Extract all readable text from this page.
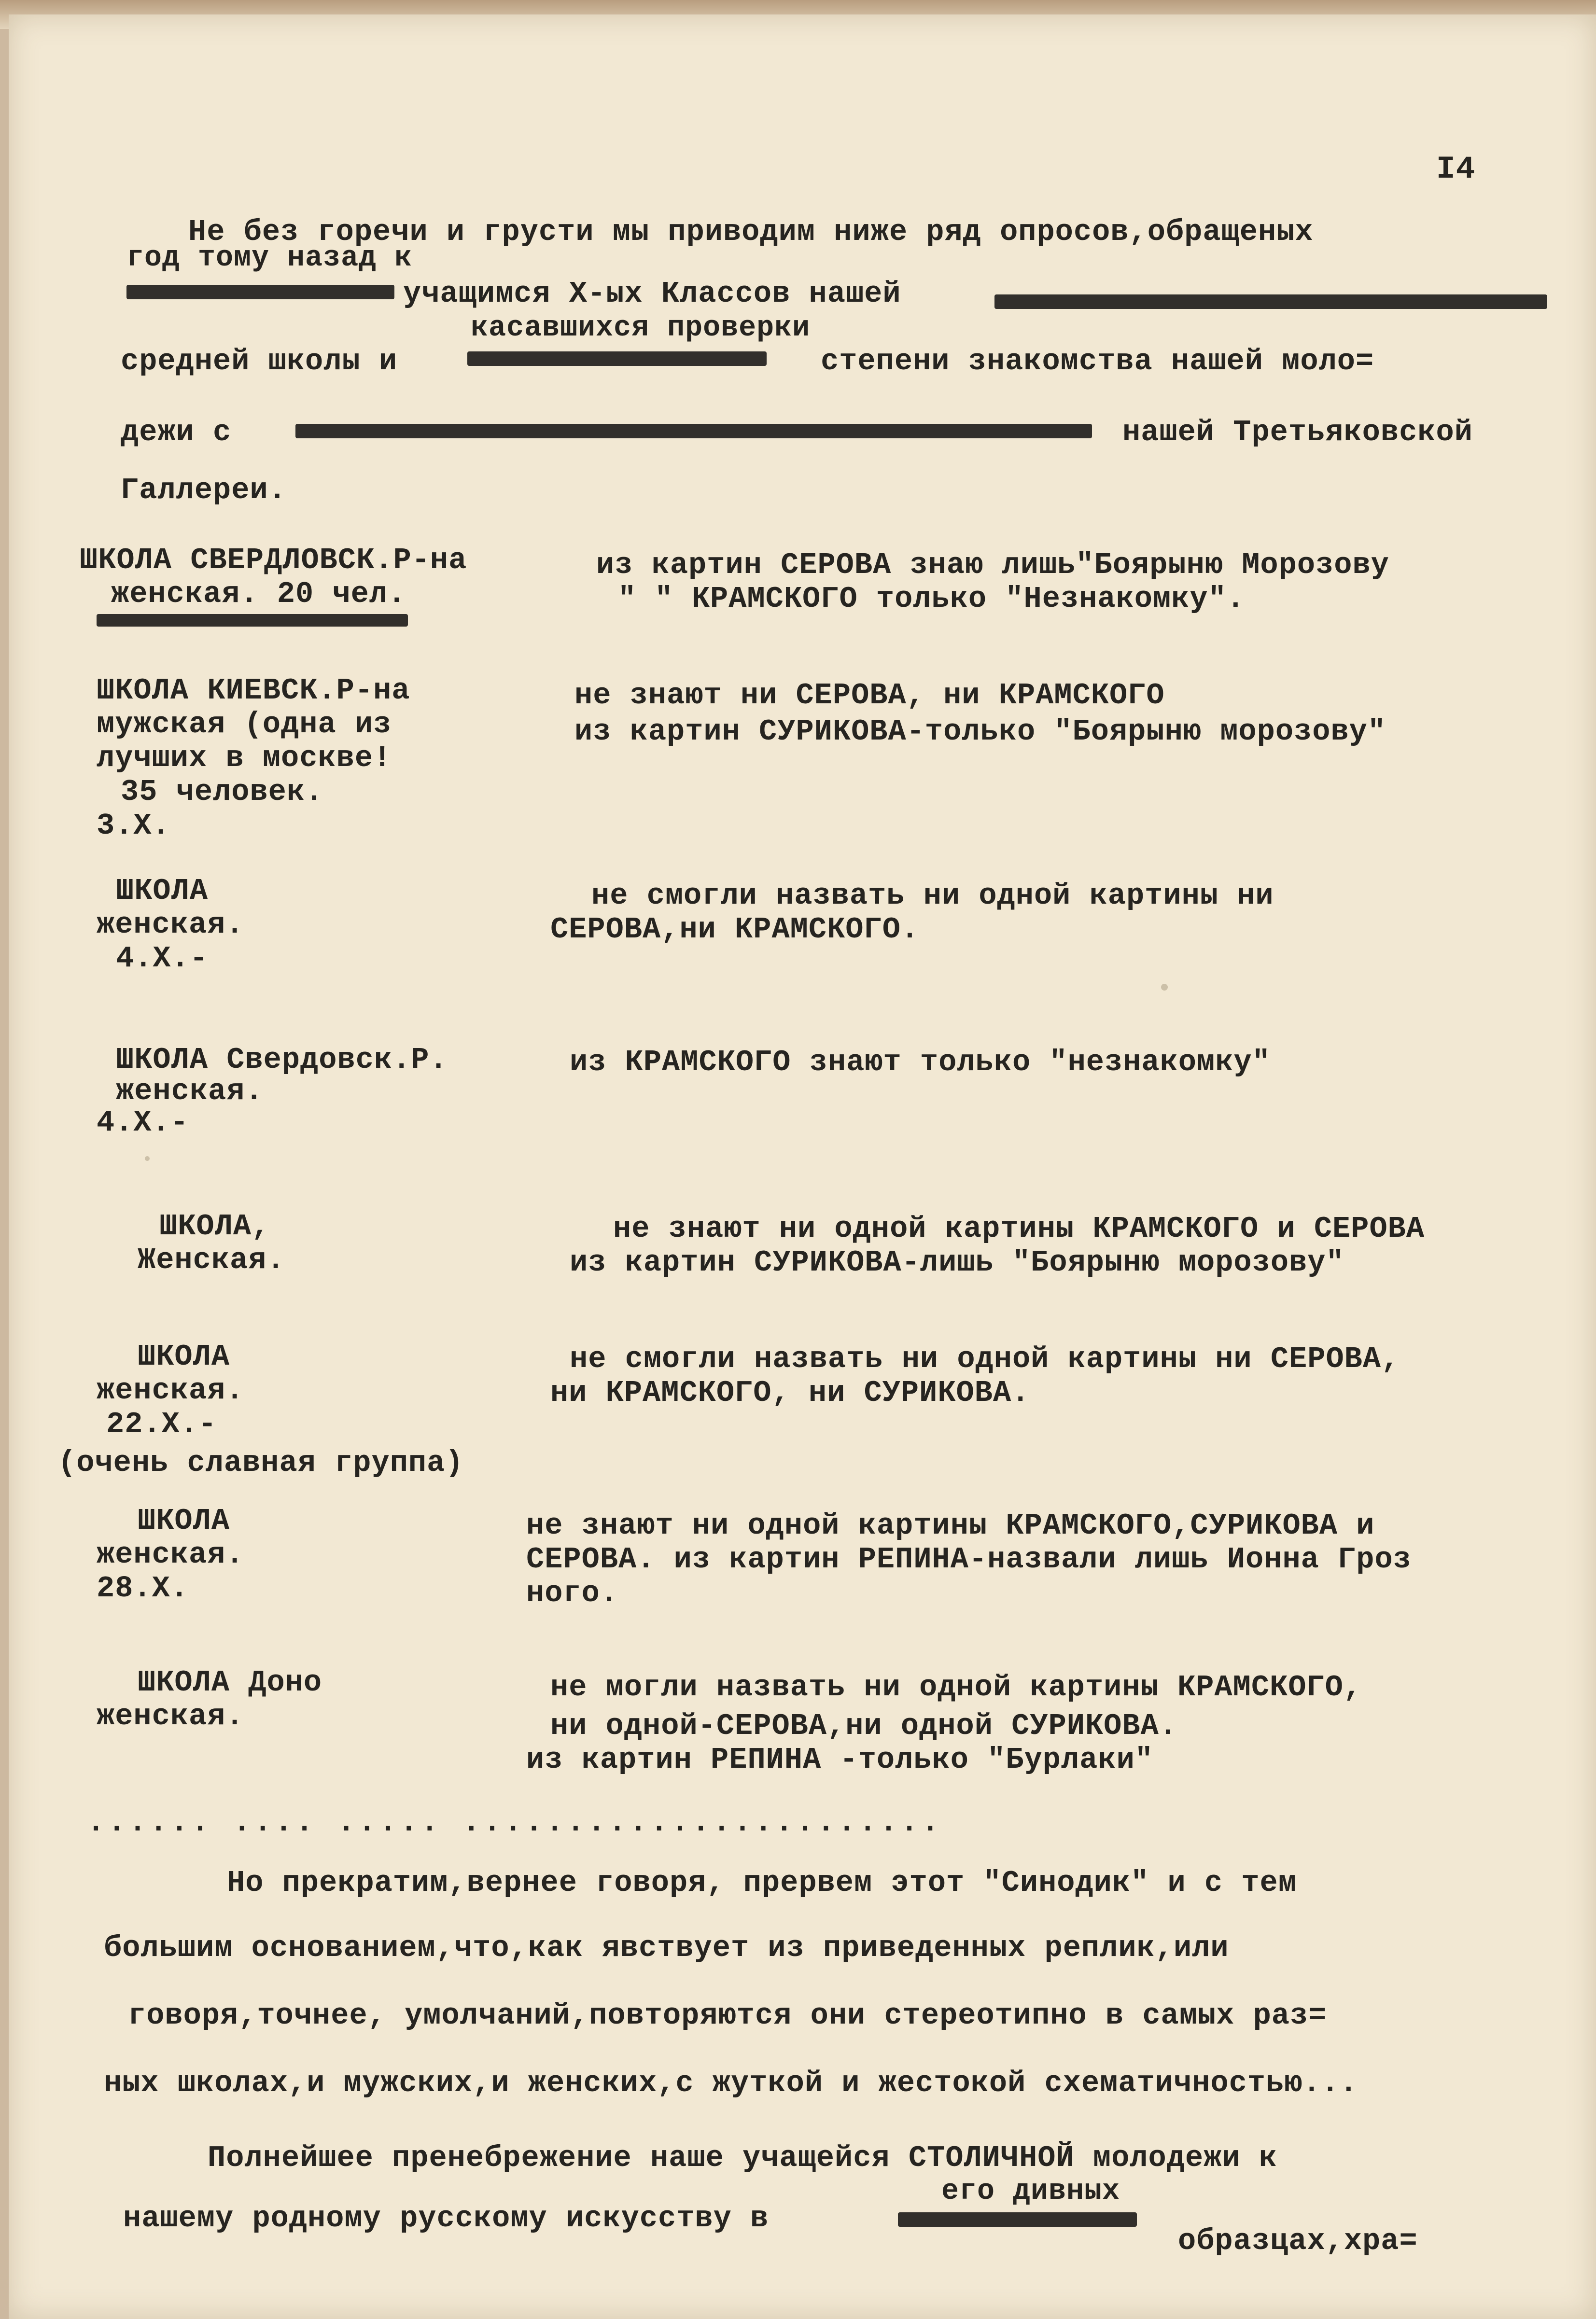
I4
Не без горечи и грусти мы приводим ниже ряд опросов,обращеных
год тому назад к
учащимся X-ых Классов нашей
касавшихся проверки
средней школы и	степени знакомства нашей моло=
дежи с	нашей Третьяковской
Галлереи.
ШКОЛА СВЕРДЛОВСК.Р-на
женская. 20 чел.
из картин СЕРОВА знаю лишь"Боярыню Морозову
" " КРАМСКОГО только "Незнакомку".
ШКОЛА КИЕВСК.Р-на
мужская (одна из
лучших в москве!
35 человек.
3.X.
не знают ни СЕРОВА, ни КРАМСКОГО
из картин СУРИКОВА-только "Боярыню морозову"
ШКОЛА
женская.
4.X.-
не смогли назвать ни одной картины ни
СЕРОВА,ни КРАМСКОГО.
ШКОЛА Свердовск.Р.
женская.
4.X.-
из КРАМСКОГО знают только "незнакомку"
ШКОЛА,
Женская.
не знают ни одной картины КРАМСКОГО и СЕРОВА
из картин СУРИКОВА-лишь "Боярыню морозову"
ШКОЛА
женская.
22.X.-
(очень славная группа)
не смогли назвать ни одной картины ни СЕРОВА,
ни КРАМСКОГО, ни СУРИКОВА.
ШКОЛА
женская.
28.X.
не знают ни одной картины КРАМСКОГО,СУРИКОВА и
СЕРОВА. из картин РЕПИНА-назвали лишь Ионна Гроз
ного.
ШКОЛА Доно
женская.
не могли назвать ни одной картины КРАМСКОГО,
ни одной-СЕРОВА,ни одной СУРИКОВА.
из картин РЕПИНА -только "Бурлаки"
...... .... ..... .......................
Но прекратим,вернее говоря, прервем этот "Синодик" и с тем
большим основанием,что,как явствует из приведенных реплик,или
говоря,точнее, умолчаний,повторяются они стереотипно в самых раз=
ных школах,и мужских,и женских,с жуткой и жестокой схематичностью...
Полнейшее пренебрежение наше учащейся СТОЛИЧНОЙ молодежи к
его дивных
нашему родному русскому искусству в
образцах,хра=
